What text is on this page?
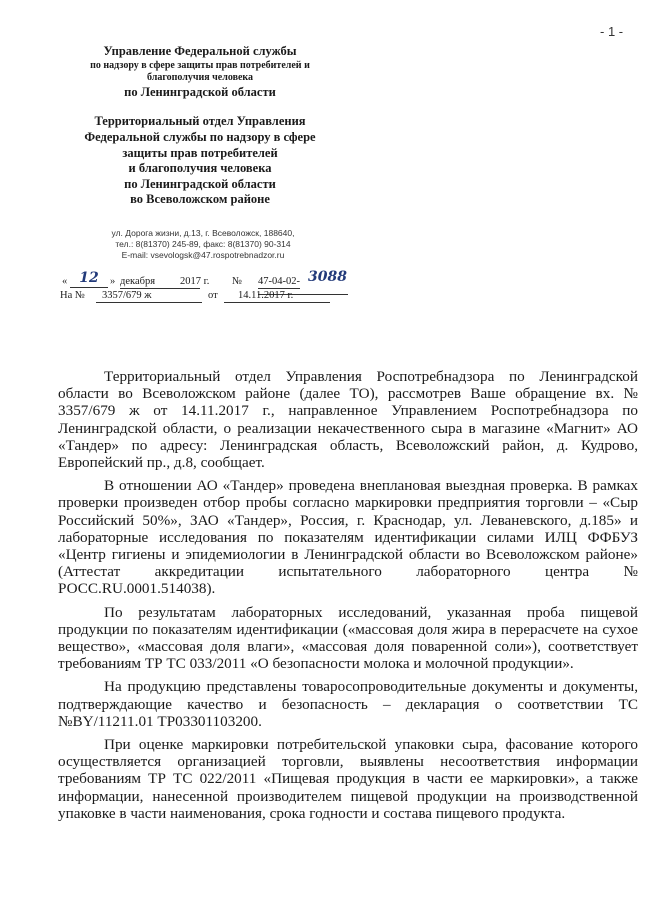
- 1 -
Управление Федеральной службы
по надзору в сфере защиты прав потребителей и
благополучия человека
по Ленинградской области
Территориальный отдел Управления
Федеральной службы по надзору в сфере
защиты прав потребителей
и благополучия человека
по Ленинградской области
во Всеволожском районе
ул. Дорога жизни, д.13, г. Всеволожск, 188640,
тел.: 8(81370) 245-89, факс: 8(81370) 90-314
E-mail: vsevologsk@47.rospotrebnadzor.ru
« 12	» декабря	2017 г. № 47-04-02- 3088
На №	3357/679 ж	от	14.11.2017 г.

Территориальный отдел Управления Роспотребнадзора по Ленинградской области во Всеволожском районе (далее ТО), рассмотрев Ваше обращение вх. № 3357/679 ж от 14.11.2017 г., направленное Управлением Роспотребнадзора по Ленинградской области, о реализации некачественного сыра в магазине «Магнит» АО «Тандер» по адресу: Ленинградская область, Всеволожский район, д. Кудрово, Европейский пр., д.8, сообщает.

В отношении АО «Тандер» проведена внеплановая выездная проверка. В рамках проверки произведен отбор пробы согласно маркировки предприятия торговли – «Сыр Российский 50%», ЗАО «Тандер», Россия, г. Краснодар, ул. Леваневского, д.185» и лабораторные исследования по показателям идентификации силами ИЛЦ ФФБУЗ «Центр гигиены и эпидемиологии в Ленинградской области во Всеволожском районе» (Аттестат аккредитации испытательного лабораторного центра № РОСС.RU.0001.514038).

По результатам лабораторных исследований, указанная проба пищевой продукции по показателям идентификации («массовая доля жира в перерасчете на сухое вещество», «массовая доля влаги», «массовая доля поваренной соли»), соответствует требованиям ТР ТС 033/2011 «О безопасности молока и молочной продукции».

На продукцию представлены товаросопроводительные документы и документы, подтверждающие качество и безопасность – декларация о соответствии ТС №BY/11211.01 ТР03301103200.

При оценке маркировки потребительской упаковки сыра, фасование которого осуществляется организацией торговли, выявлены несоответствия информации требованиям ТР ТС 022/2011 «Пищевая продукция в части ее маркировки», а также информации, нанесенной производителем пищевой продукции на производственной упаковке в части наименования, срока годности и состава пищевого продукта.
